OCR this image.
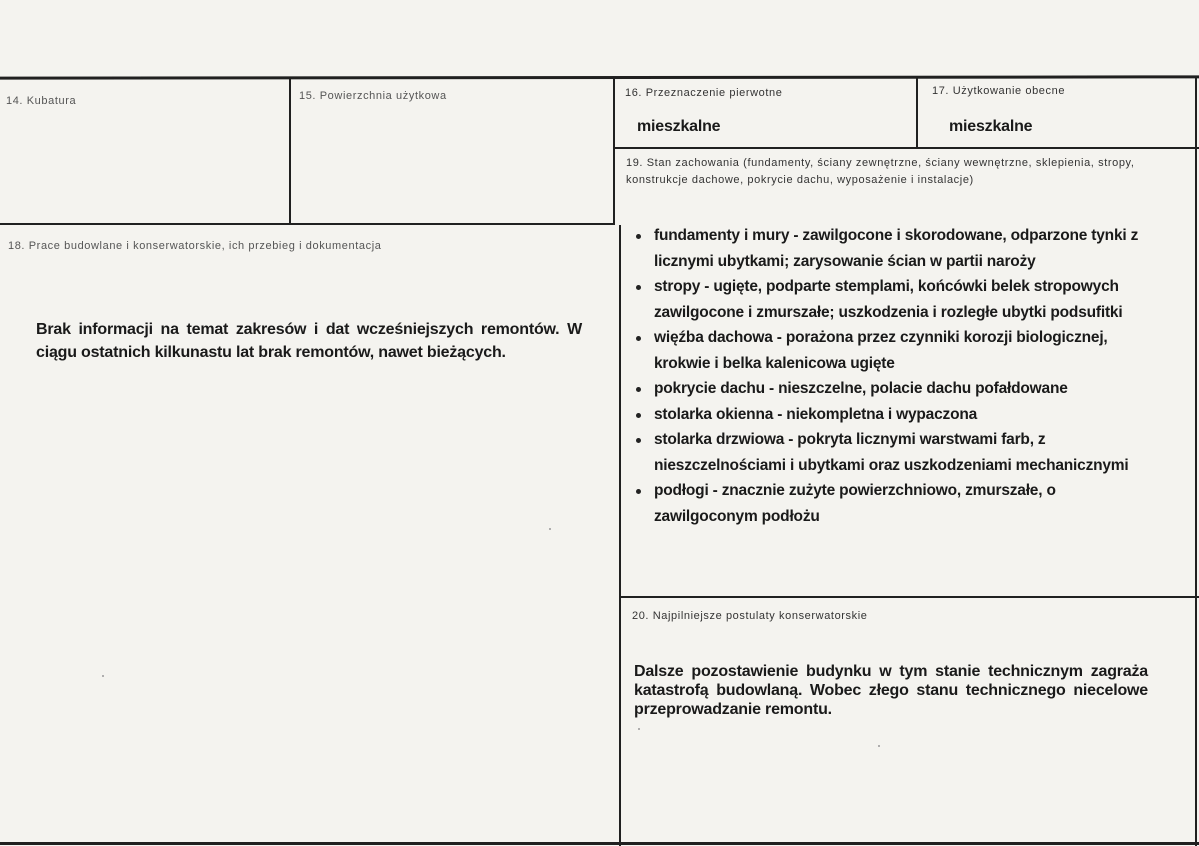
14. Kubatura	15. Powierzchnia użytkowa	16. Przeznaczenie pierwotne
mieszkalne
17. Użytkowanie obecne
mieszkalne
18. Prace budowlane i konserwatorskie, ich przebieg i dokumentacja
Brak informacji na temat zakresów i dat wcześniejszych remontów. W ciągu ostatnich kilkunastu lat brak remontów, nawet bieżących.
19. Stan zachowania (fundamenty, ściany zewnętrzne, ściany wewnętrzne, sklepienia, stropy, konstrukcje dachowe, pokrycie dachu, wyposażenie i instalacje)
fundamenty i mury - zawilgocone i skorodowane, odparzone tynki z licznymi ubytkami; zarysowanie ścian w partii naroży
stropy - ugięte, podparte stemplami, końcówki belek stropowych zawilgocone i zmurszałe; uszkodzenia i rozległe ubytki podsufitki
więźba dachowa - porażona przez czynniki korozji biologicznej, krokwie i belka kalenicowa ugięte
pokrycie dachu - nieszczelne, polacie dachu pofałdowane
stolarka okienna - niekompletna i wypaczona
stolarka drzwiowa - pokryta licznymi warstwami farb, z nieszczelnościami i ubytkami oraz uszkodzeniami mechanicznymi
podłogi - znacznie zużyte powierzchniowo, zmurszałe, o zawilgoconym podłożu
20. Najpilniejsze postulaty konserwatorskie
Dalsze pozostawienie budynku w tym stanie technicznym zagraża katastrofą budowlaną. Wobec złego stanu technicznego niecelowe przeprowadzanie remontu.
